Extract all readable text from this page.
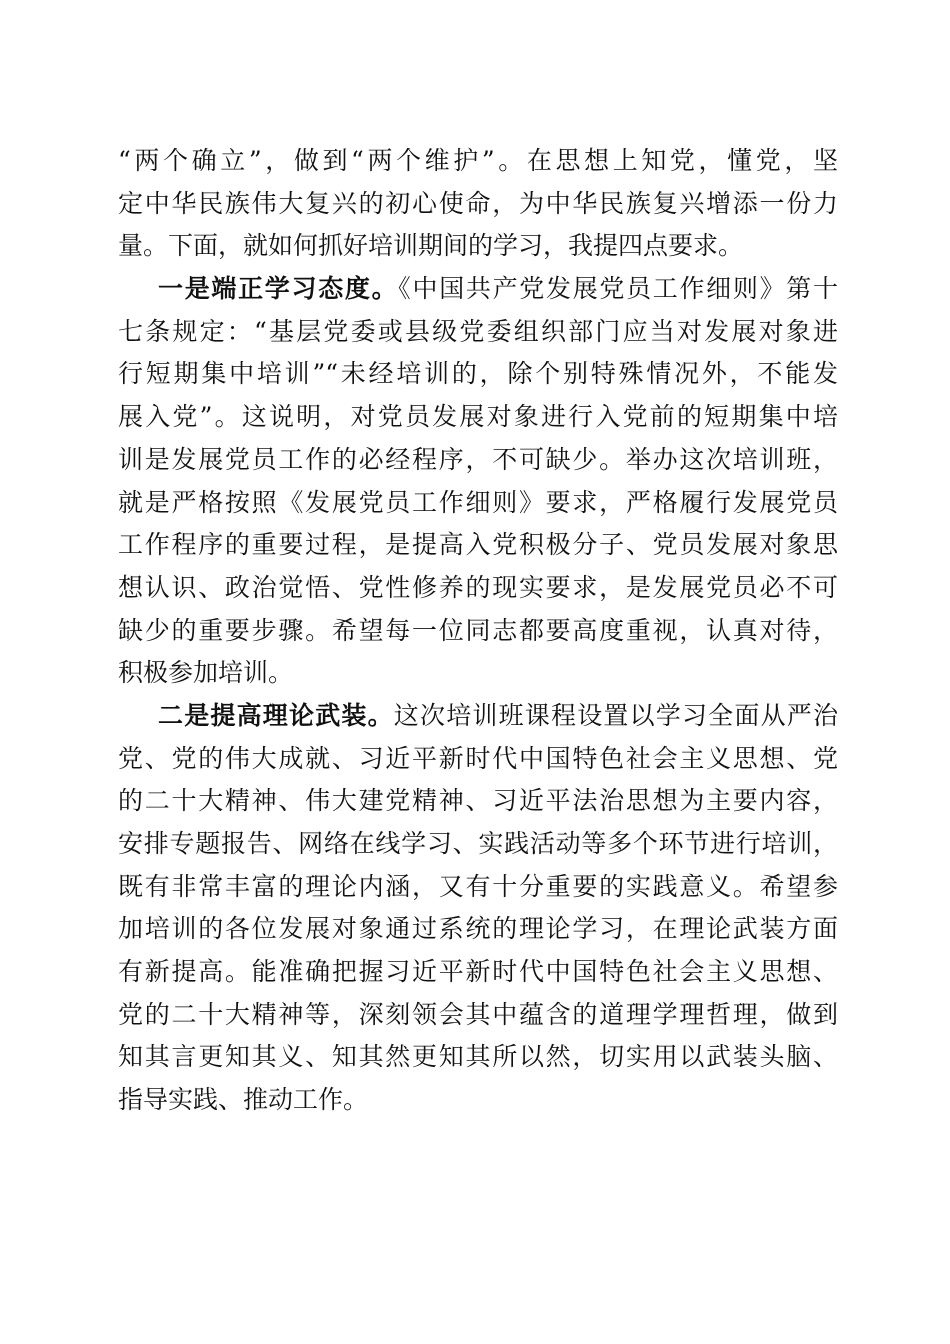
“两个确立”，做到“两个维护”。在思想上知党，懂党，坚
定中华民族伟大复兴的初心使命，为中华民族复兴增添一份力
量。下面，就如何抓好培训期间的学习，我提四点要求。
一是端正学习态度。《中国共产党发展党员工作细则》第十
七条规定：“基层党委或县级党委组织部门应当对发展对象进
行短期集中培训”“未经培训的，除个别特殊情况外，不能发
展入党”。这说明，对党员发展对象进行入党前的短期集中培
训是发展党员工作的必经程序，不可缺少。举办这次培训班，
就是严格按照《发展党员工作细则》要求，严格履行发展党员
工作程序的重要过程，是提高入党积极分子、党员发展对象思
想认识、政治觉悟、党性修养的现实要求，是发展党员必不可
缺少的重要步骤。希望每一位同志都要高度重视，认真对待，
积极参加培训。
二是提高理论武装。这次培训班课程设置以学习全面从严治
党、党的伟大成就、习近平新时代中国特色社会主义思想、党
的二十大精神、伟大建党精神、习近平法治思想为主要内容，
安排专题报告、网络在线学习、实践活动等多个环节进行培训，
既有非常丰富的理论内涵，又有十分重要的实践意义。希望参
加培训的各位发展对象通过系统的理论学习，在理论武装方面
有新提高。能准确把握习近平新时代中国特色社会主义思想、
党的二十大精神等，深刻领会其中蕴含的道理学理哲理，做到
知其言更知其义、知其然更知其所以然，切实用以武装头脑、
指导实践、推动工作。
